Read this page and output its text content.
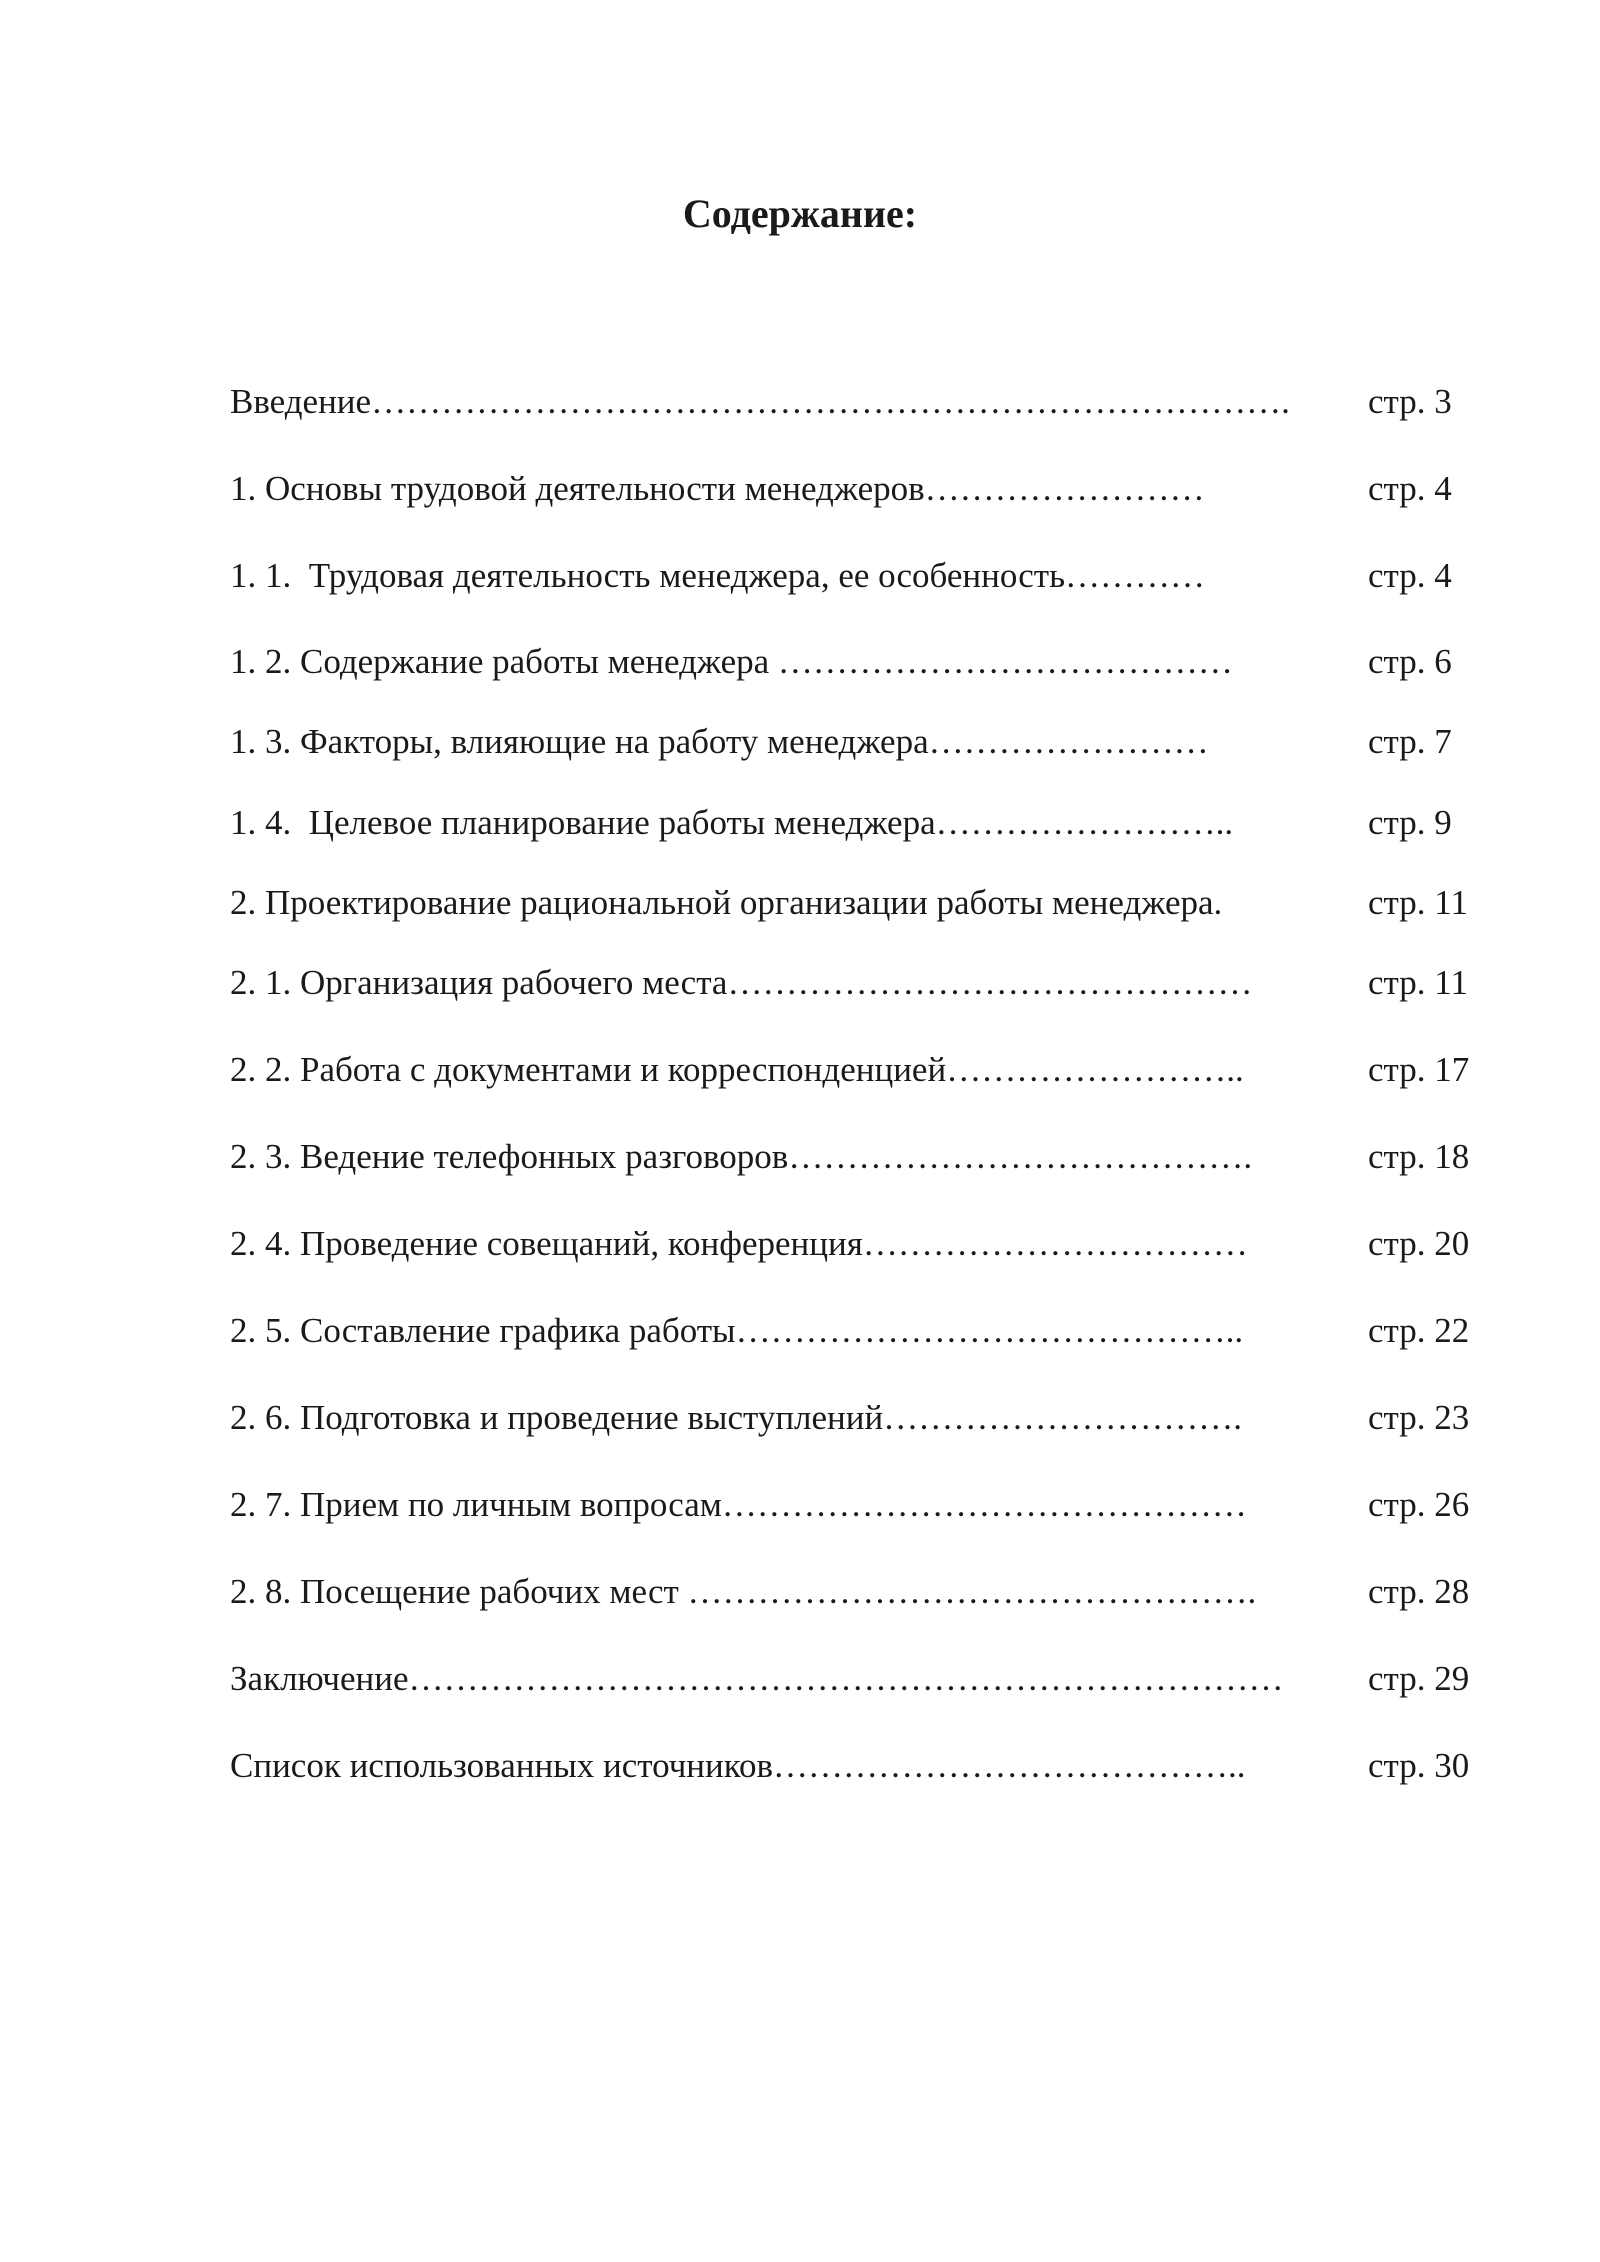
Содержание:
Введение…………………………………………………………………….	стр. 3
1. Основы трудовой деятельности менеджеров……………………	стр. 4
1. 1.  Трудовая деятельность менеджера, ее особенность…………	стр. 4
1. 2. Содержание работы менеджера …………………………………	стр. 6
1. 3. Факторы, влияющие на работу менеджера……………………	стр. 7
1. 4.  Целевое планирование работы менеджера……………………..	стр. 9
2. Проектирование рациональной организации работы менеджера.	стр. 11
2. 1. Организация рабочего места………………………………………	стр. 11
2. 2. Работа с документами и корреспонденцией……………………..	стр. 17
2. 3. Ведение телефонных разговоров………………………………….	стр. 18
2. 4. Проведение совещаний, конференция……………………………	стр. 20
2. 5. Составление графика работы……………………………………..	стр. 22
2. 6. Подготовка и проведение выступлений………………………….	стр. 23
2. 7. Прием по личным вопросам………………………………………	стр. 26
2. 8. Посещение рабочих мест ………………………………………….	стр. 28
Заключение…………………………………………………………………	стр. 29
Список использованных источников…………………………………..	стр. 30
